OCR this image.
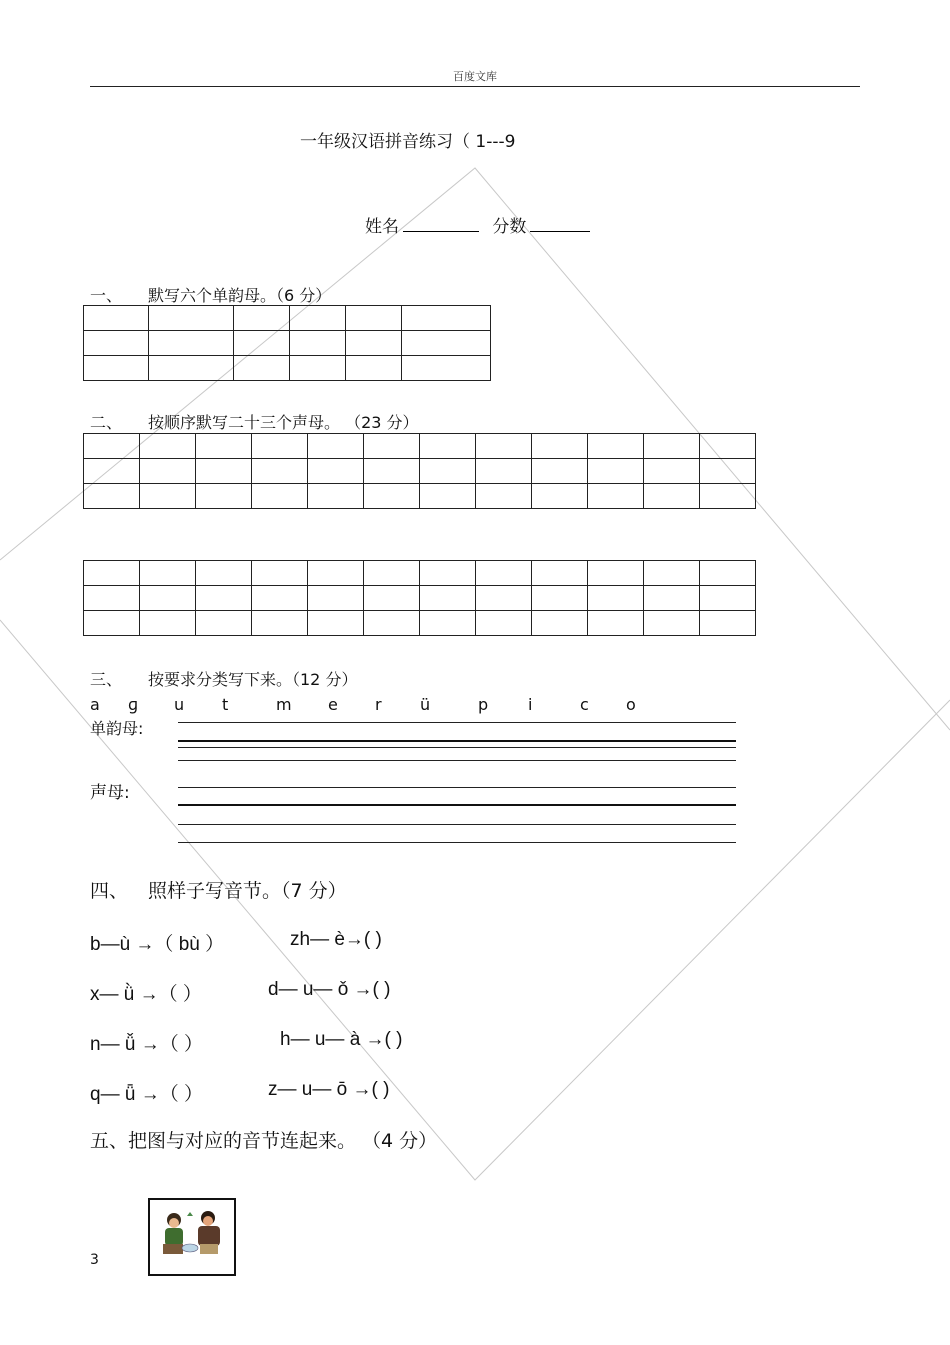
百度文库
一年级汉语拼音练习（ 1---9
姓名	分数
一、 默写六个单韵母。（6 分）

二、 按顺序默写二十三个声母。 （23 分）

三、 按要求分类写下来。（12 分）
a ɡ u t	m e r ü	p i	c o
单韵母:
声母:
四、 照样子写音节。（7 分）
b—ù →（ bù ）	zh— è→( )
x— ǜ →（ ）	d— u— ǒ →( )
n— ǚ →（ ）	h— u— à →( )
q— ǖ →（ ）	z— u— ō →( )
五、把图与对应的音节连起来。 （4 分）
3
